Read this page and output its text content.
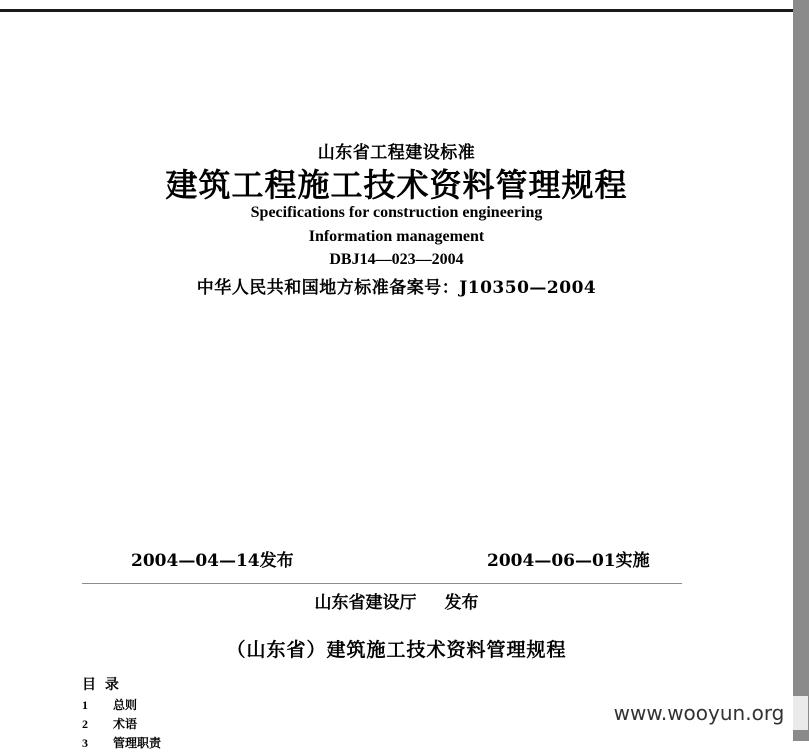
山东省工程建设标准
建筑工程施工技术资料管理规程
Specifications for construction engineering
Information management
DBJ14—023—2004
中华人民共和国地方标准备案号：J10350—2004
2004—04—14发布	2004—06—01实施
山东省建设厅 发布
（山东省）建筑施工技术资料管理规程
目 录
1 总则
2 术语
3 管理职责
www.wooyun.org
